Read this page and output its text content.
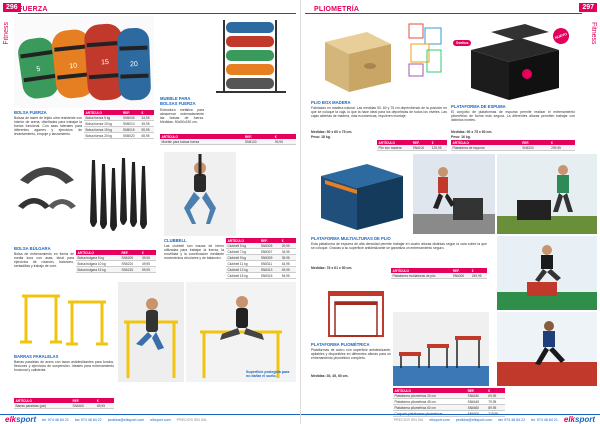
296 FUERZA
Fitness
5	10	15	20
BOLSA FUERZA
Bolsas de lastre de tejido ultra resistente con interior de arena, diseñadas para trabajar la fuerza funcional. Con asas laterales para diferentes agarres y ejercicios de levantamiento, empuje y lanzamiento.
ARTÍCULO	REF.	€
Bolsa fuerza 5 kg	SN5005	34,95
Bolsa fuerza 10 kg	SN5010	45,95
Bolsa fuerza 15 kg	SN5015	55,95
Bolsa fuerza 20 kg	SN5020	65,95
MUEBLE PARA BOLSAS FUERZA
Estructura metálica para almacenar ordenadamente las bolsas de fuerza. Medidas: 50x50x150 cm.
ARTÍCULO	REF.	€
Mueble para bolsas fuerza	SN5100	99,95
CLUBBELL
Las clubbell son mazas de hierro utilizadas para trabajar la fuerza, la movilidad y la coordinación mediante movimientos circulares y de balanceo.
ARTÍCULO	REF.	€
Clubbell 5 kg	SN5305	29,95
Clubbell 7 kg	SN5307	34,95
Clubbell 9 kg	SN5309	39,95
Clubbell 11 kg	SN5311	44,95
Clubbell 13 kg	SN5313	49,95
Clubbell 15 kg	SN5315	54,95
BOLSA BÚLGARA
Bolsa de entrenamiento en forma de media luna con asas, ideal para ejercicios de rotación, balanceo, sentadillas y trabajo de core.
ARTÍCULO	REF.	€
Bolsa búlgara 5 kg	SN5205	39,95
Bolsa búlgara 10 kg	SN5210	49,95
Bolsa búlgara 15 kg	SN5215	59,95
Superficie protegida para no dañar el suelo.
BARRAS PARALELAS
Barras paralelas de acero con tacos antideslizantes para fondos, flexiones y ejercicios de suspensión. Ideales para entrenamiento funcional y calistenia.
ARTÍCULO	REF.	€
Barras paralelas (par)	SN5400	89,95
elksport tel. 974 48 84 21 fax 974 48 84 22 pedidos@elksport.com elksport.com PRECIOS SIN IVA
297
PLIOMETRÍA
Fitness
Sveltus
NUEVO
PLIO BOX MADERA
Fabricado en madera natural. Las medidas 50, 60 y 75 cm dependiendo de la posición en que se coloque la caja, lo que la hace ideal para los deportistas de todos los niveles. Las cajas abiertas de madera, más económicas, requieren montaje.
Medidas: 50 x 60 x 75 cm.
Peso: 18 kg.
ARTÍCULO	REF.	€
Plio box madera	SN6100	129,95
PLATAFORMA DE ESPUMA
El conjunto de plataformas de espuma permite realizar el entrenamiento pliométrico de forma más segura. La diferentes alturas permiten trabajar con distintos niveles.
Medidas: 90 x 75 x 60 cm.
Peso: 16 kg.
ARTÍCULO	REF.	€
Plataforma de espuma	SN6200	299,95
PLATAFORMA MULTIALTURAS DE PLIO
Esta plataforma de espuma de alta densidad permite trabajar en cuatro alturas distintas según la cara sobre la que se coloque. Gracias a su superficie antideslizante se garantiza un entrenamiento seguro.
Medidas: 76 x 61 x 50 cm.
ARTÍCULO	REF.	€
Plataforma multialturas de plio	SN6300	249,95
PLATAFORMA PLIOMÉTRICA
Plataformas de acero con superficie antideslizante, apilables y disponibles en diferentes alturas para un entrenamiento pliométrico completo.
Medidas: 30, 45, 60 cm.
ARTÍCULO	REF.	€
Plataforma pliométrica 30 cm	SN6430	69,95
Plataforma pliométrica 45 cm	SN6445	79,95
Plataforma pliométrica 60 cm	SN6460	89,95
Conjunto plataformas pliométricas	SN6400	219,95
PRECIOS SIN IVA elksport.com pedidos@elksport.com fax 974 48 84 22 tel. 974 48 84 21 elksport
